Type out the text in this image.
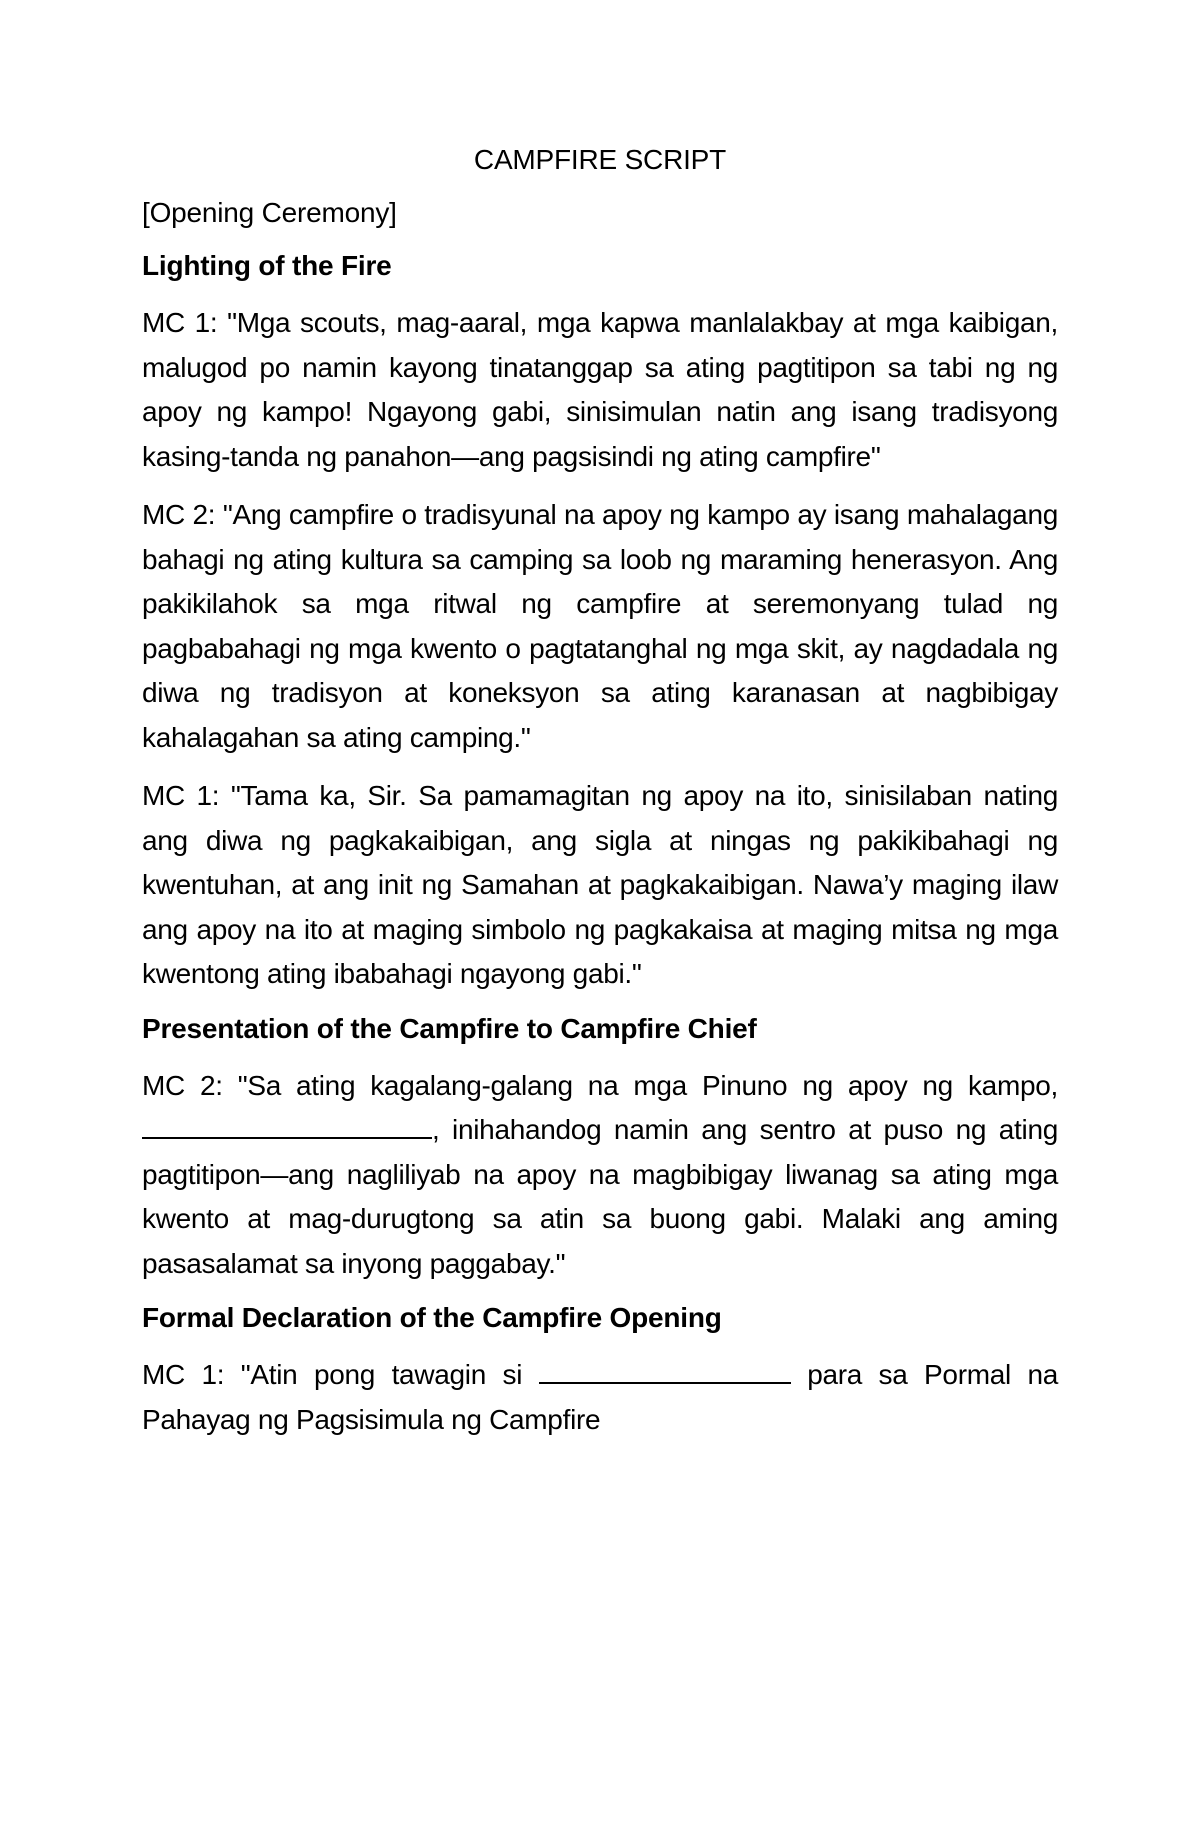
CAMPFIRE SCRIPT
[Opening Ceremony]
Lighting of the Fire

MC 1: "Mga scouts, mag-aaral, mga kapwa manlalakbay at mga kaibigan, malugod po namin kayong tinatanggap sa ating pagtitipon sa tabi ng ng apoy ng kampo! Ngayong gabi, sinisimulan natin ang isang tradisyong kasing-tanda ng panahon—ang pagsisindi ng ating campfire"

MC 2: "Ang campfire o tradisyunal na apoy ng kampo ay isang mahalagang bahagi ng ating kultura sa camping sa loob ng maraming henerasyon. Ang pakikilahok sa mga ritwal ng campfire at seremonyang tulad ng pagbabahagi ng mga kwento o pagtatanghal ng mga skit, ay nagdadala ng diwa ng tradisyon at koneksyon sa ating karanasan at nagbibigay kahalagahan sa ating camping."

MC 1: "Tama ka, Sir. Sa pamamagitan ng apoy na ito, sinisilaban nating ang diwa ng pagkakaibigan, ang sigla at ningas ng pakikibahagi ng kwentuhan, at ang init ng Samahan at pagkakaibigan. Nawa’y maging ilaw ang apoy na ito at maging simbolo ng pagkakaisa at maging mitsa ng mga kwentong ating ibabahagi ngayong gabi."

Presentation of the Campfire to Campfire Chief

MC 2: "Sa ating kagalang-galang na mga Pinuno ng apoy ng kampo, , inihahandog namin ang sentro at puso ng ating pagtitipon—ang nagliliyab na apoy na magbibigay liwanag sa ating mga kwento at mag-durugtong sa atin sa buong gabi. Malaki ang aming pasasalamat sa inyong paggabay."

Formal Declaration of the Campfire Opening

MC 1: "Atin pong tawagin si	para sa Pormal na Pahayag ng Pagsisimula ng Campfire
